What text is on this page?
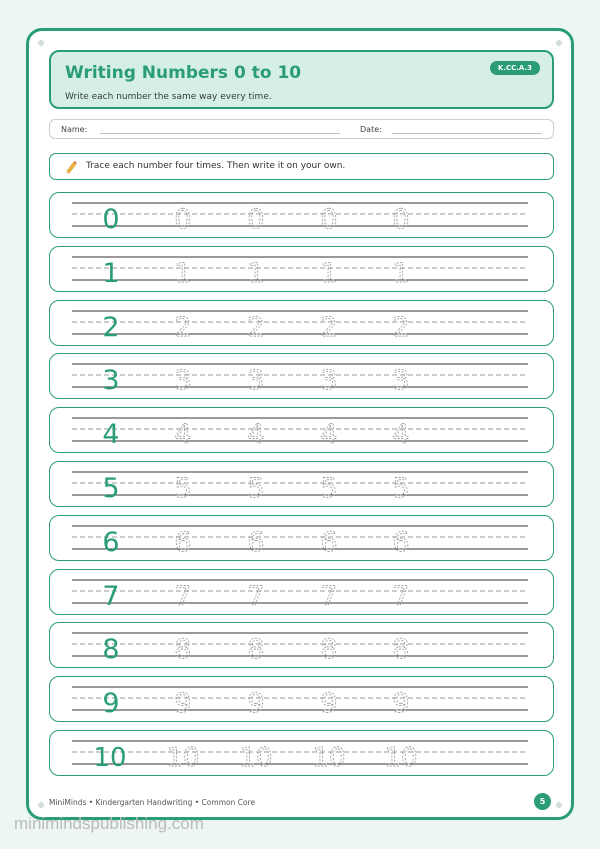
Writing Numbers 0 to 10
Write each number the same way every time.
K.CC.A.3
Name:	Date:
Trace each number four times. Then write it on your own.
0 0 0 0 0
1 1 1 1 1
2 2 2 2 2
3 3 3 3 3
4 4 4 4 4
5 5 5 5 5
6 6 6 6 6
7 7 7 7 7
8 8 8 8 8
9 9 9 9 9
10 10 10 10 10
MiniMinds • Kindergarten Handwriting • Common Core	5
minimindspublishing.com
